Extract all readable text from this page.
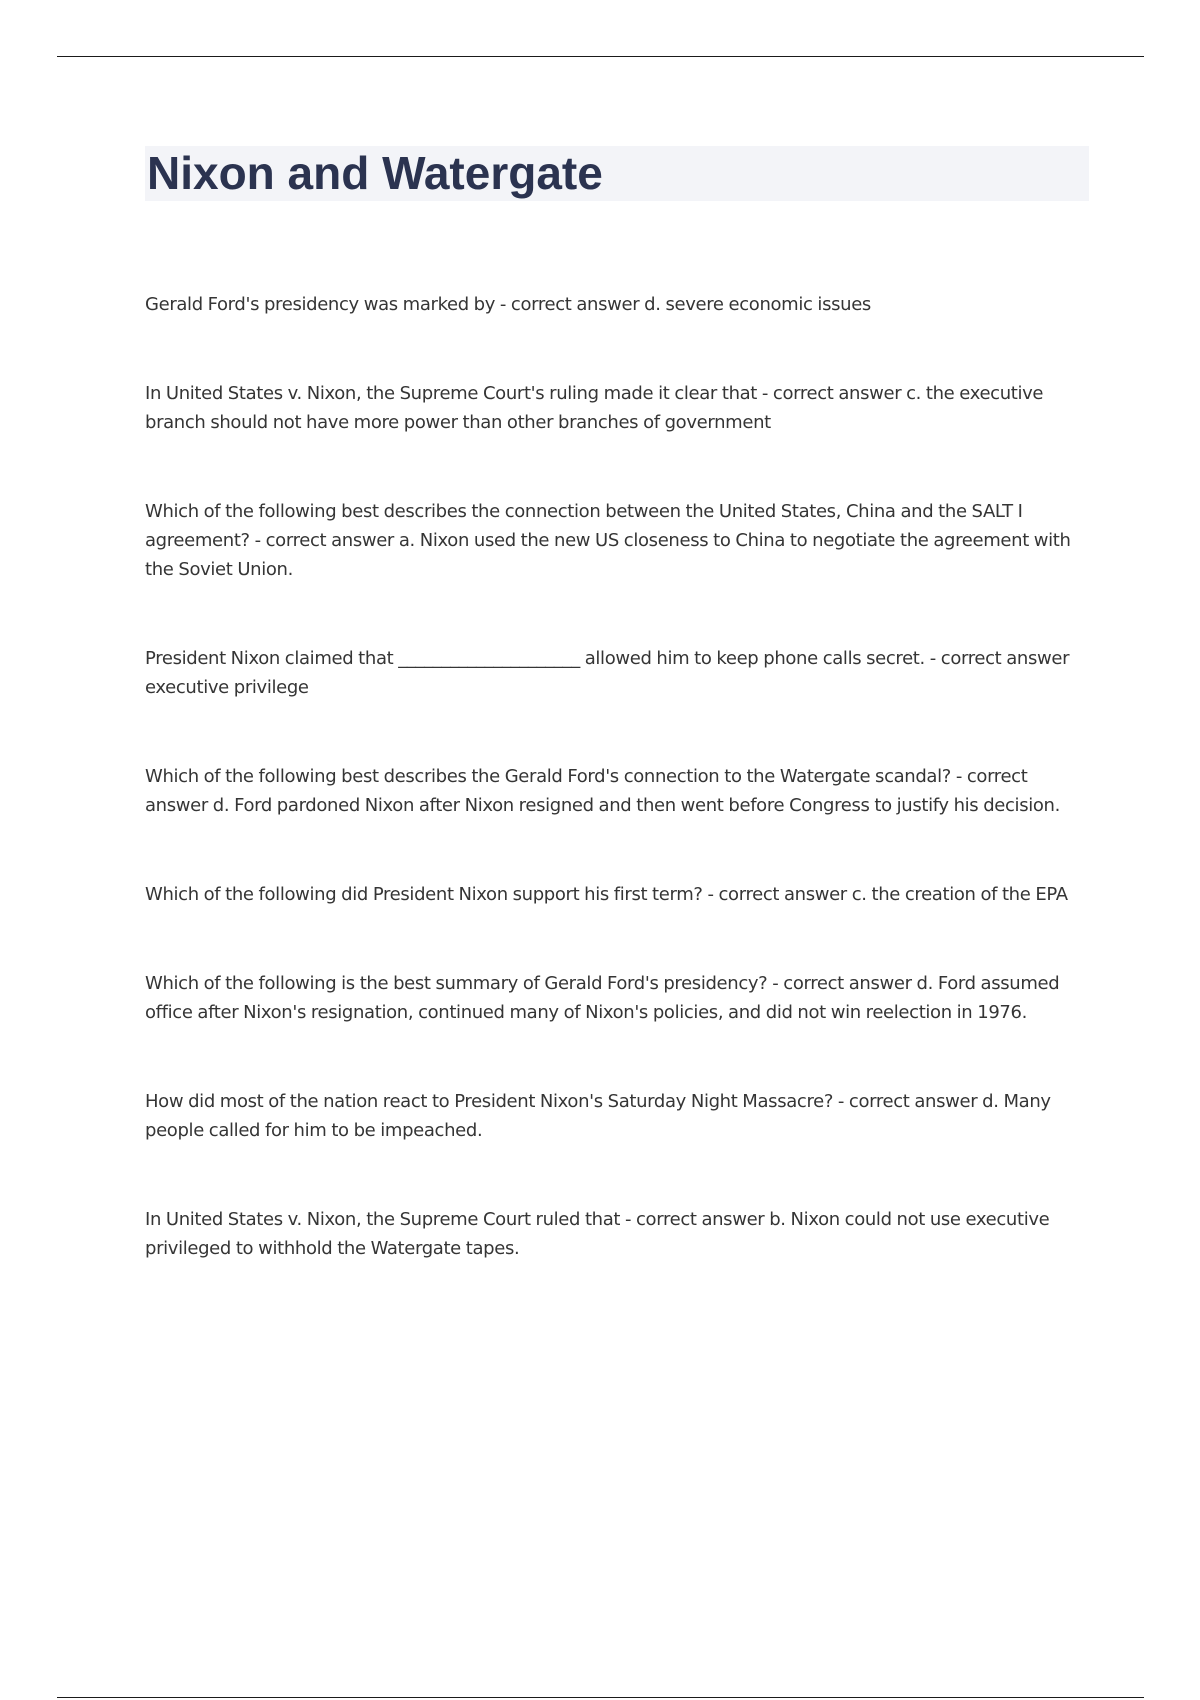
Nixon and Watergate

Gerald Ford's presidency was marked by - correct answer d. severe economic issues

In United States v. Nixon, the Supreme Court's ruling made it clear that - correct answer c. the executive branch should not have more power than other branches of government

Which of the following best describes the connection between the United States, China and the SALT I agreement? - correct answer a. Nixon used the new US closeness to China to negotiate the agreement with the Soviet Union.

President Nixon claimed that _____________________ allowed him to keep phone calls secret. - correct answer executive privilege

Which of the following best describes the Gerald Ford's connection to the Watergate scandal? - correct answer d. Ford pardoned Nixon after Nixon resigned and then went before Congress to justify his decision.

Which of the following did President Nixon support his first term? - correct answer c. the creation of the EPA

Which of the following is the best summary of Gerald Ford's presidency? - correct answer d. Ford assumed office after Nixon's resignation, continued many of Nixon's policies, and did not win reelection in 1976.

How did most of the nation react to President Nixon's Saturday Night Massacre? - correct answer d. Many people called for him to be impeached.

In United States v. Nixon, the Supreme Court ruled that - correct answer b. Nixon could not use executive privileged to withhold the Watergate tapes.
